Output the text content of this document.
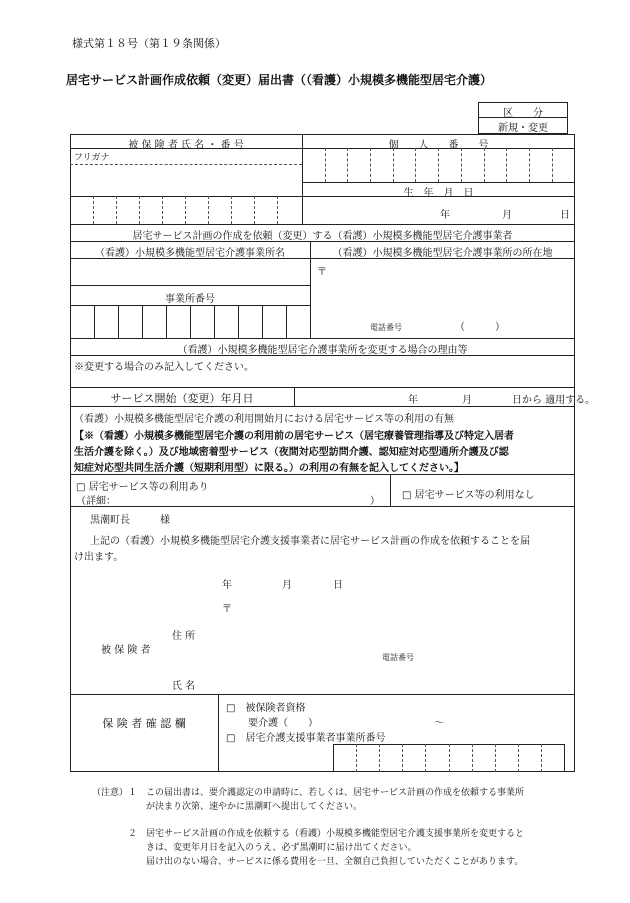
様式第１８号（第１９条関係）
居宅サービス計画作成依頼（変更）届出書（（看護）小規模多機能型居宅介護）
区　　分
新規・変更
被 保 険 者 氏 名 ・ 番 号	個　　人　　番　　号
フリガナ
生　年　月　日
年	月	日
居宅サービス計画の作成を依頼（変更）する（看護）小規模多機能型居宅介護事業者
（看護）小規模多機能型居宅介護事業所名	（看護）小規模多機能型居宅介護事業所の所在地
〒
事業所番号
電話番号	（　　　）
（看護）小規模多機能型居宅介護事業所を変更する場合の理由等
※変更する場合のみ記入してください。
サービス開始（変更）年月日	年	月	日から 適用する。
（看護）小規模多機能型居宅介護の利用開始月における居宅サービス等の利用の有無
【※（看護）小規模多機能型居宅介護の利用前の居宅サービス（居宅療養管理指導及び特定入居者
生活介護を除く。）及び地域密着型サービス（夜間対応型訪問介護、認知症対応型通所介護及び認
知症対応型共同生活介護（短期利用型）に限る。）の利用の有無を記入してください。】
□ 居宅サービス等の利用あり
（詳細：	）
□ 居宅サービス等の利用なし
黒潮町長　　　様
上記の（看護）小規模多機能型居宅介護支援事業者に居宅サービス計画の作成を依頼することを届
け出ます。
年	月	日
〒
住 所
被 保 険 者
電話番号
氏 名
保 険 者 確 認 欄
□　被保険者資格
要介護（　　）	～
□　居宅介護支援事業者事業所番号
（注意）１ この届出書は、要介護認定の申請時に、若しくは、居宅サービス計画の作成を依頼する事業所
が決まり次第、速やかに黒潮町へ提出してください。
２ 居宅サービス計画の作成を依頼する（看護）小規模多機能型居宅介護支援事業所を変更すると
きは、変更年月日を記入のうえ、必ず黒潮町に届け出てください。
届け出のない場合、サービスに係る費用を一旦、全額自己負担していただくことがあります。
